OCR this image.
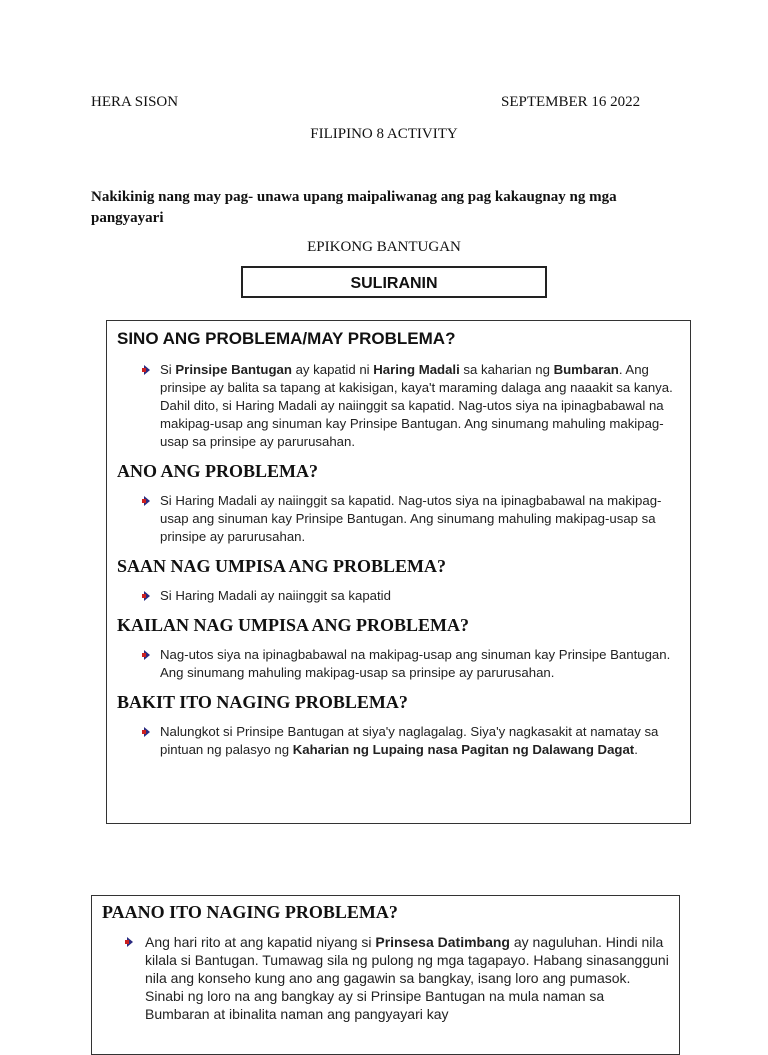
HERA SISON	SEPTEMBER 16 2022
FILIPINO 8 ACTIVITY
Nakikinig nang may pag- unawa upang maipaliwanag ang pag kakaugnay ng mga pangyayari
EPIKONG BANTUGAN
SULIRANIN
SINO ANG PROBLEMA/MAY PROBLEMA?
Si Prinsipe Bantugan ay kapatid ni Haring Madali sa kaharian ng Bumbaran. Ang prinsipe ay balita sa tapang at kakisigan, kaya't maraming dalaga ang naaakit sa kanya. Dahil dito, si Haring Madali ay naiinggit sa kapatid. Nag-utos siya na ipinagbabawal na makipag-usap ang sinuman kay Prinsipe Bantugan. Ang sinumang mahuling makipag-usap sa prinsipe ay parurusahan.
ANO ANG PROBLEMA?
Si Haring Madali ay naiinggit sa kapatid. Nag-utos siya na ipinagbabawal na makipag-usap ang sinuman kay Prinsipe Bantugan. Ang sinumang mahuling makipag-usap sa prinsipe ay parurusahan.
SAAN NAG UMPISA ANG PROBLEMA?
Si Haring Madali ay naiinggit sa kapatid
KAILAN NAG UMPISA ANG PROBLEMA?
Nag-utos siya na ipinagbabawal na makipag-usap ang sinuman kay Prinsipe Bantugan. Ang sinumang mahuling makipag-usap sa prinsipe ay parurusahan.
BAKIT ITO NAGING PROBLEMA?
Nalungkot si Prinsipe Bantugan at siya'y naglagalag. Siya'y nagkasakit at namatay sa pintuan ng palasyo ng Kaharian ng Lupaing nasa Pagitan ng Dalawang Dagat.
PAANO ITO NAGING PROBLEMA?
Ang hari rito at ang kapatid niyang si Prinsesa Datimbang ay naguluhan. Hindi nila kilala si Bantugan. Tumawag sila ng pulong ng mga tagapayo. Habang sinasangguni nila ang konseho kung ano ang gagawin sa bangkay, isang loro ang pumasok. Sinabi ng loro na ang bangkay ay si Prinsipe Bantugan na mula naman sa Bumbaran at ibinalita naman ang pangyayari kay
